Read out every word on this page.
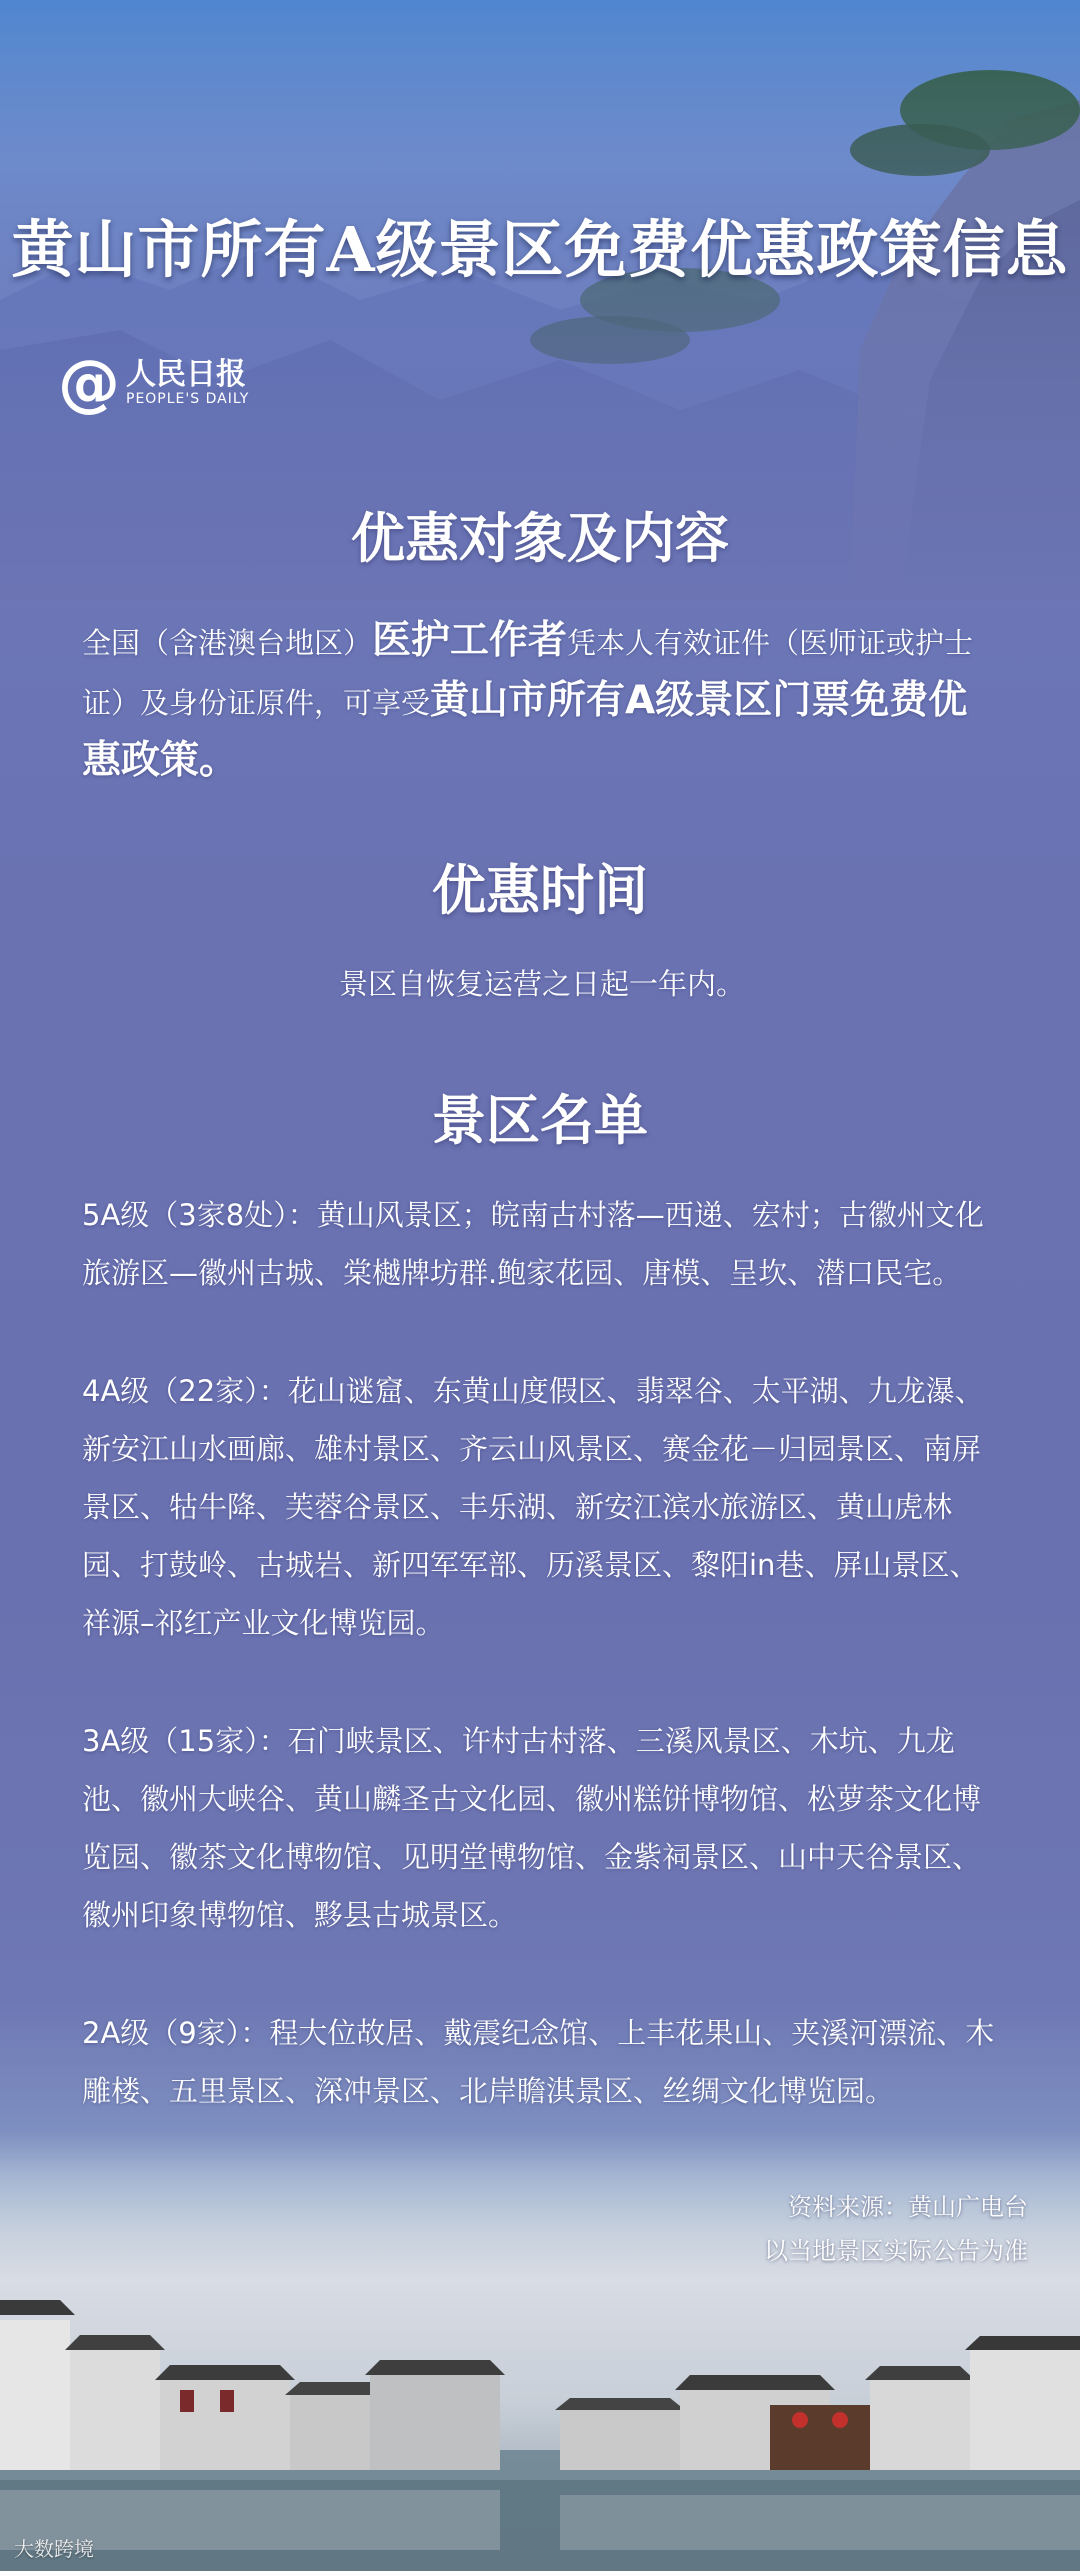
黄山市所有A级景区免费优惠政策信息
@ 人民日报
PEOPLE'S DAILY
优惠对象及内容
全国（含港澳台地区）医护工作者凭本人有效证件（医师证或护士证）及身份证原件，可享受黄山市所有A级景区门票免费优惠政策。
优惠时间
景区自恢复运营之日起一年内。
景区名单
5A级（3家8处）：黄山风景区；皖南古村落—西递、宏村；古徽州文化旅游区—徽州古城、棠樾牌坊群.鲍家花园、唐模、呈坎、潜口民宅。
4A级（22家）：花山谜窟、东黄山度假区、翡翠谷、太平湖、九龙瀑、新安江山水画廊、雄村景区、齐云山风景区、赛金花－归园景区、南屏景区、牯牛降、芙蓉谷景区、丰乐湖、新安江滨水旅游区、黄山虎林园、打鼓岭、古城岩、新四军军部、历溪景区、黎阳in巷、屏山景区、祥源–祁红产业文化博览园。
3A级（15家）：石门峡景区、许村古村落、三溪风景区、木坑、九龙池、徽州大峡谷、黄山麟圣古文化园、徽州糕饼博物馆、松萝茶文化博览园、徽茶文化博物馆、见明堂博物馆、金紫祠景区、山中天谷景区、徽州印象博物馆、黟县古城景区。
2A级（9家）：程大位故居、戴震纪念馆、上丰花果山、夹溪河漂流、木雕楼、五里景区、深冲景区、北岸瞻淇景区、丝绸文化博览园。
资料来源：黄山广电台
以当地景区实际公告为准
大数跨境
